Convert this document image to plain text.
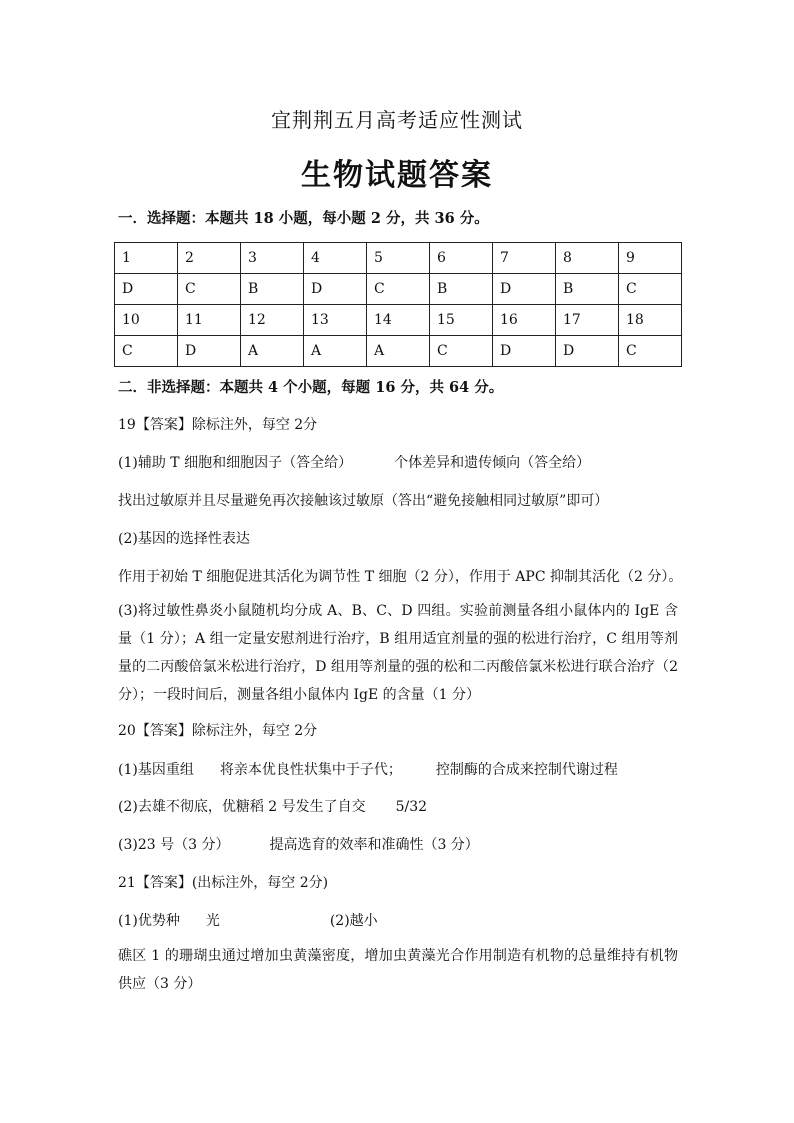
宜荆荆五月高考适应性测试
生物试题答案
一．选择题：本题共 18 小题，每小题 2 分，共 36 分。
1	2	3	4	5	6	7	8	9
D	C	B	D	C	B	D	B	C
10	11	12	13	14	15	16	17	18
C	D	A	A	A	C	D	D	C
二．非选择题：本题共 4 个小题，每题 16 分，共 64 分。
19【答案】除标注外，每空 2分
(1)辅助 T 细胞和细胞因子（答全给）	个体差异和遗传倾向（答全给）
找出过敏原并且尽量避免再次接触该过敏原（答出“避免接触相同过敏原”即可）
(2)基因的选择性表达
作用于初始 T 细胞促进其活化为调节性 T 细胞（2 分），作用于 APC 抑制其活化（2 分）。
(3)将过敏性鼻炎小鼠随机均分成 A、B、C、D 四组。实验前测量各组小鼠体内的 IgE 含量（1 分）；A 组一定量安慰剂进行治疗，B 组用适宜剂量的强的松进行治疗，C 组用等剂量的二丙酸倍氯米松进行治疗，D 组用等剂量的强的松和二丙酸倍氯米松进行联合治疗（2 分）；一段时间后，测量各组小鼠体内 IgE 的含量（1 分）
20【答案】除标注外，每空 2分
(1)基因重组 将亲本优良性状集中于子代； 控制酶的合成来控制代谢过程
(2)去雄不彻底，优糖稻 2 号发生了自交 5/32
(3)23 号（3 分）	提高选育的效率和准确性（3 分）
21【答案】(出标注外，每空 2分)
(1)优势种 光	(2)越小
礁区 1 的珊瑚虫通过增加虫黄藻密度，增加虫黄藻光合作用制造有机物的总量维持有机物供应（3 分）
